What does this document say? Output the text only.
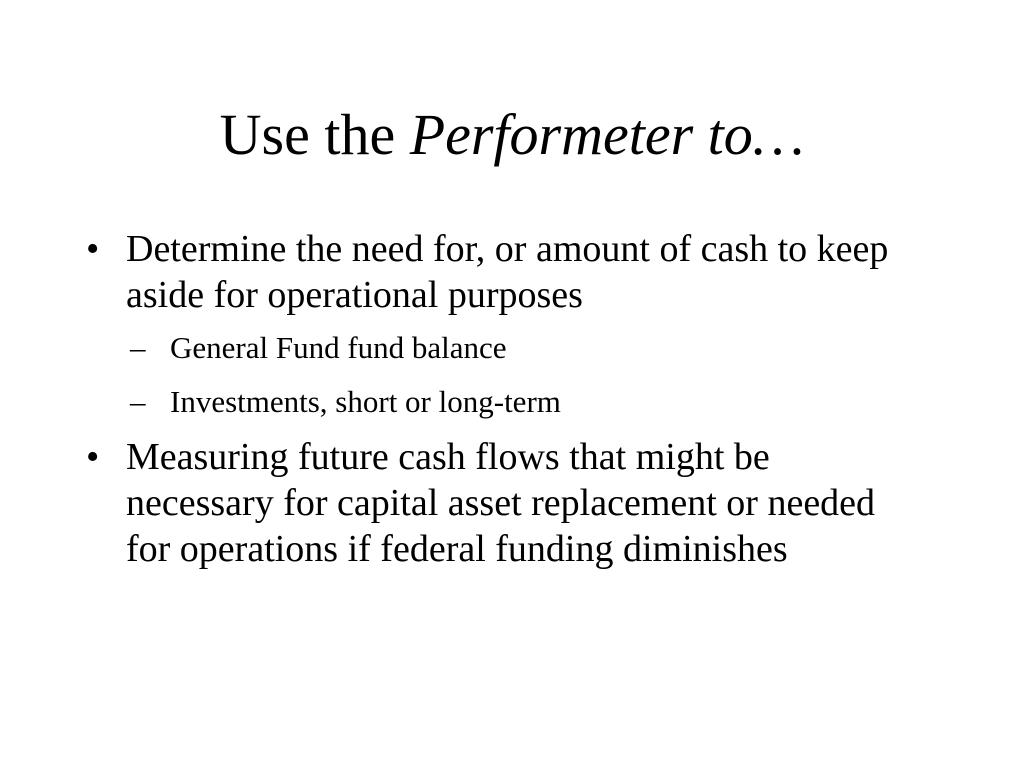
Use the Performeter to…
• Determine the need for, or amount of cash to keep aside for operational purposes
– General Fund fund balance
– Investments, short or long-term
• Measuring future cash flows that might be necessary for capital asset replacement or needed for operations if federal funding diminishes
